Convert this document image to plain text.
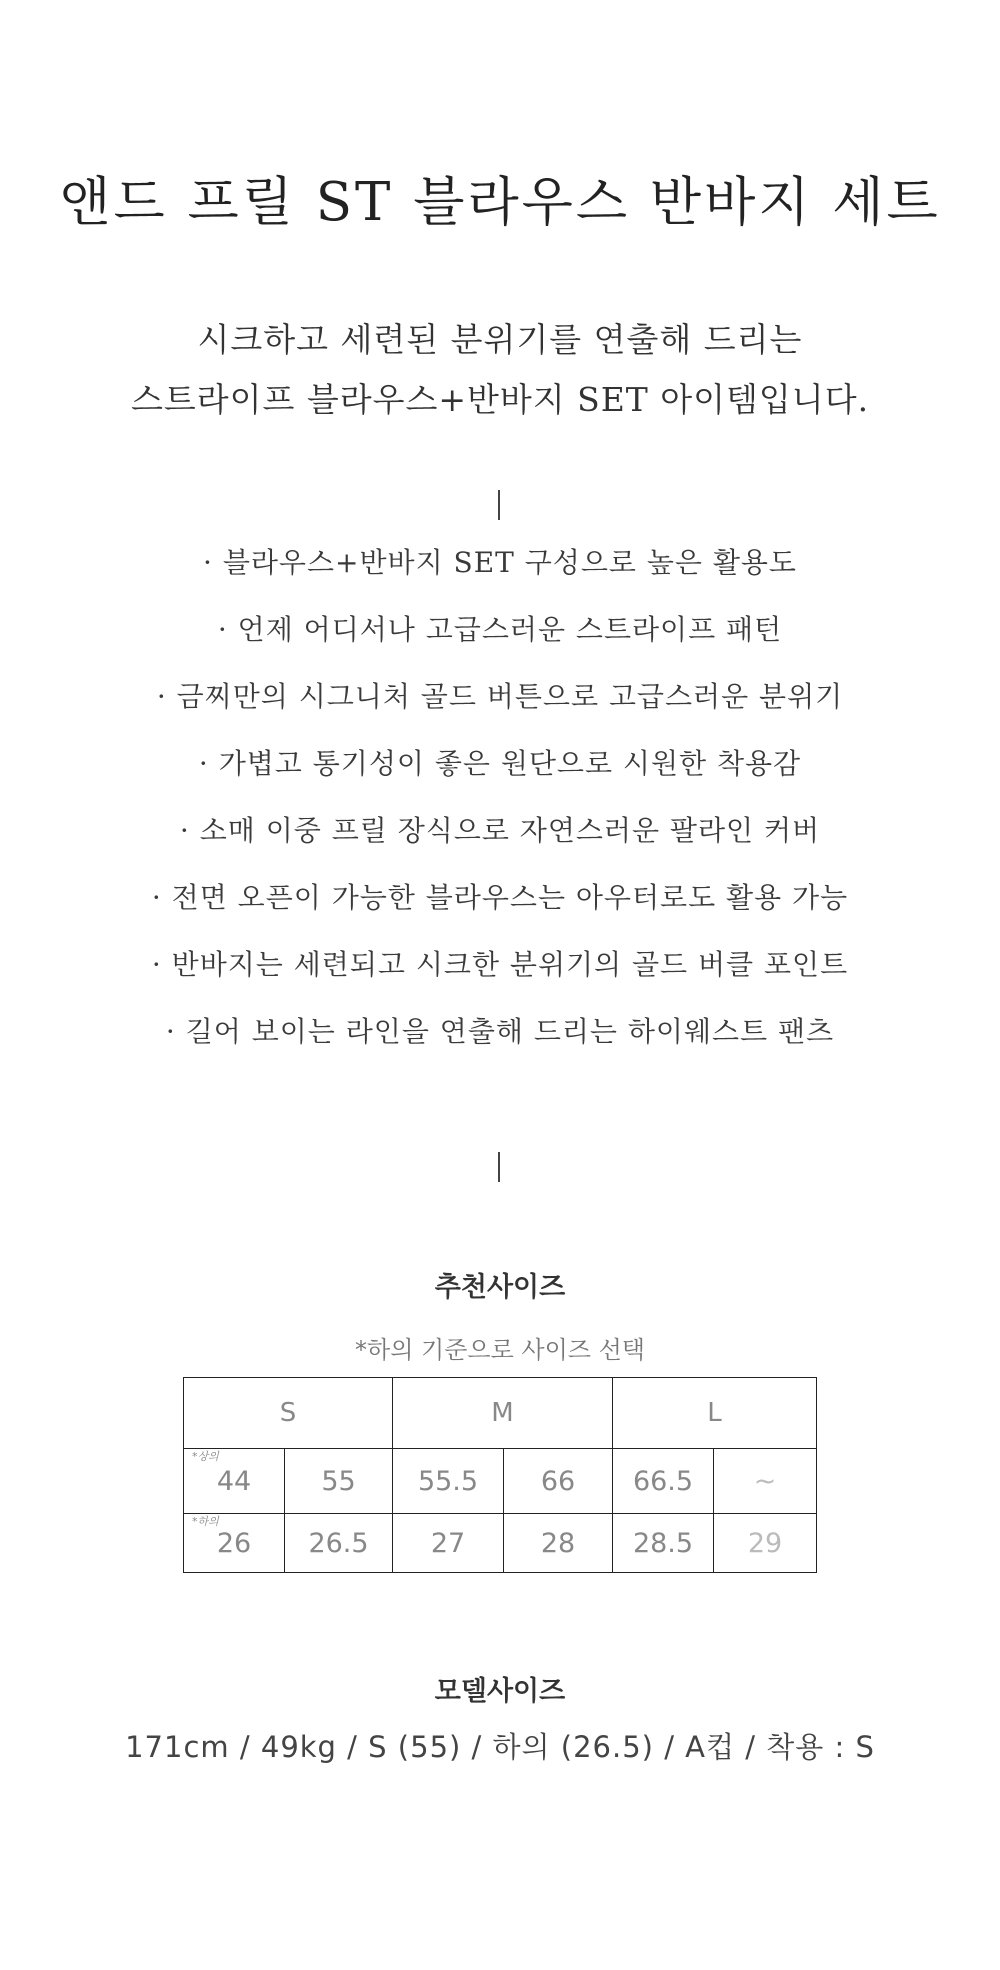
앤드 프릴 ST 블라우스 반바지 세트
시크하고 세련된 분위기를 연출해 드리는
스트라이프 블라우스+반바지 SET 아이템입니다.
· 블라우스+반바지 SET 구성으로 높은 활용도
· 언제 어디서나 고급스러운 스트라이프 패턴
· 금찌만의 시그니처 골드 버튼으로 고급스러운 분위기
· 가볍고 통기성이 좋은 원단으로 시원한 착용감
· 소매 이중 프릴 장식으로 자연스러운 팔라인 커버
· 전면 오픈이 가능한 블라우스는 아우터로도 활용 가능
· 반바지는 세련되고 시크한 분위기의 골드 버클 포인트
· 길어 보이는 라인을 연출해 드리는 하이웨스트 팬츠
추천사이즈
*하의 기준으로 사이즈 선택
S		M		L	

*상의
44	55	55.5	66	66.5	~

*하의
26	26.5	27	28	28.5	29
모델사이즈
171cm / 49kg / S (55) / 하의 (26.5) / A컵 / 착용 : S
